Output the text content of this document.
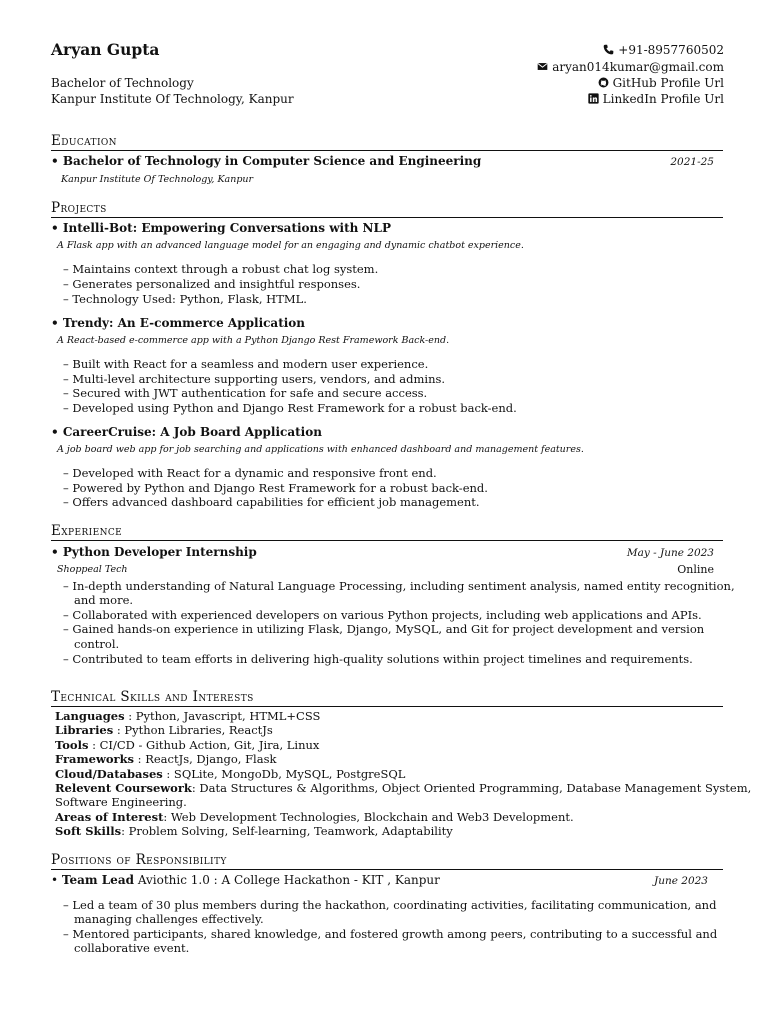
Aryan Gupta
Bachelor of Technology
Kanpur Institute Of Technology, Kanpur
+91-8957760502
aryan014kumar@gmail.com
GitHub Profile Url
LinkedIn Profile Url
Education
• Bachelor of Technology in Computer Science and Engineering	2021-25
Kanpur Institute Of Technology, Kanpur
Projects
• Intelli-Bot: Empowering Conversations with NLP
A Flask app with an advanced language model for an engaging and dynamic chatbot experience.
– Maintains context through a robust chat log system.
– Generates personalized and insightful responses.
– Technology Used: Python, Flask, HTML.
• Trendy: An E-commerce Application
A React-based e-commerce app with a Python Django Rest Framework Back-end.
– Built with React for a seamless and modern user experience.
– Multi-level architecture supporting users, vendors, and admins.
– Secured with JWT authentication for safe and secure access.
– Developed using Python and Django Rest Framework for a robust back-end.
• CareerCruise: A Job Board Application
A job board web app for job searching and applications with enhanced dashboard and management features.
– Developed with React for a dynamic and responsive front end.
– Powered by Python and Django Rest Framework for a robust back-end.
– Offers advanced dashboard capabilities for efficient job management.
Experience
• Python Developer Internship	May - June 2023
Shoppeal Tech	Online
– In-depth understanding of Natural Language Processing, including sentiment analysis, named entity recognition,
and more.
– Collaborated with experienced developers on various Python projects, including web applications and APIs.
– Gained hands-on experience in utilizing Flask, Django, MySQL, and Git for project development and version
control.
– Contributed to team efforts in delivering high-quality solutions within project timelines and requirements.
Technical Skills and Interests
Languages : Python, Javascript, HTML+CSS
Libraries : Python Libraries, ReactJs
Tools : CI/CD - Github Action, Git, Jira, Linux
Frameworks : ReactJs, Django, Flask
Cloud/Databases : SQLite, MongoDb, MySQL, PostgreSQL
Relevent Coursework: Data Structures & Algorithms, Object Oriented Programming, Database Management System,
Software Engineering.
Areas of Interest: Web Development Technologies, Blockchain and Web3 Development.
Soft Skills: Problem Solving, Self-learning, Teamwork, Adaptability
Positions of Responsibility
• Team Lead Aviothic 1.0 : A College Hackathon - KIT , Kanpur	June 2023
– Led a team of 30 plus members during the hackathon, coordinating activities, facilitating communication, and
managing challenges effectively.
– Mentored participants, shared knowledge, and fostered growth among peers, contributing to a successful and
collaborative event.
